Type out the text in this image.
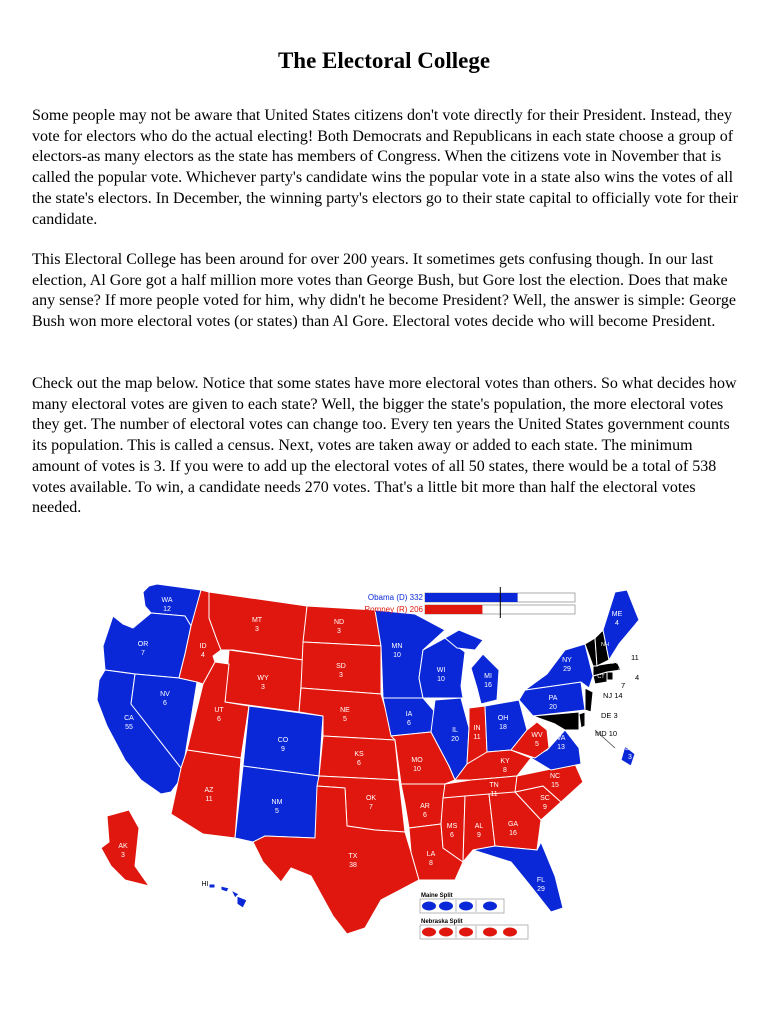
The Electoral College

Some people may not be aware that United States citizens don't vote directly for their President. Instead, they vote for electors who do the actual electing! Both Democrats and Republicans in each state choose a group of electors-as many electors as the state has members of Congress. When the citizens vote in November that is called the popular vote. Whichever party's candidate wins the popular vote in a state also wins the votes of all the state's electors. In December, the winning party's electors go to their state capital to officially vote for their candidate.

This Electoral College has been around for over 200 years. It sometimes gets confusing though. In our last election, Al Gore got a half million more votes than George Bush, but Gore lost the election. Does that make any sense? If more people voted for him, why didn't he become President? Well, the answer is simple: George Bush won more electoral votes (or states) than Al Gore. Electoral votes decide who will become President.

Check out the map below. Notice that some states have more electoral votes than others. So what decides how many electoral votes are given to each state? Well, the bigger the state's population, the more electoral votes they get. The number of electoral votes can change too. Every ten years the United States government counts its population. This is called a census. Next, votes are taken away or added to each state. The minimum amount of votes is 3. If you were to add up the electoral votes of all 50 states, there would be a total of 538 votes available. To win, a candidate needs 270 votes. That's a little bit more than half the electoral votes needed.

WA
12
OR
7
CA
55
NV
6
ID
4
MT
3
WY
3
UT
6
AZ
11
CO
9
NM
5
ND
3
SD
3
NE
5
KS
6
OK
7
TX
38
MN
10
IA
6
MO
10
AR
6
LA
8
WI
10
IL
20
MI
16
IN
11
OH
18
KY
8
TN
11
MS
6
AL
9
GA
16
FL
29
SC
9
NC
15
VA
13
WV
5
PA
20
NY
29
ME
4
AK
3
HI
DC
3
11
4
NJ 14
DE 3
MD 10
VT
NH
MA
RI
CT
7
Obama (D) 332
Romney (R) 206
Maine Split
Nebraska Split
